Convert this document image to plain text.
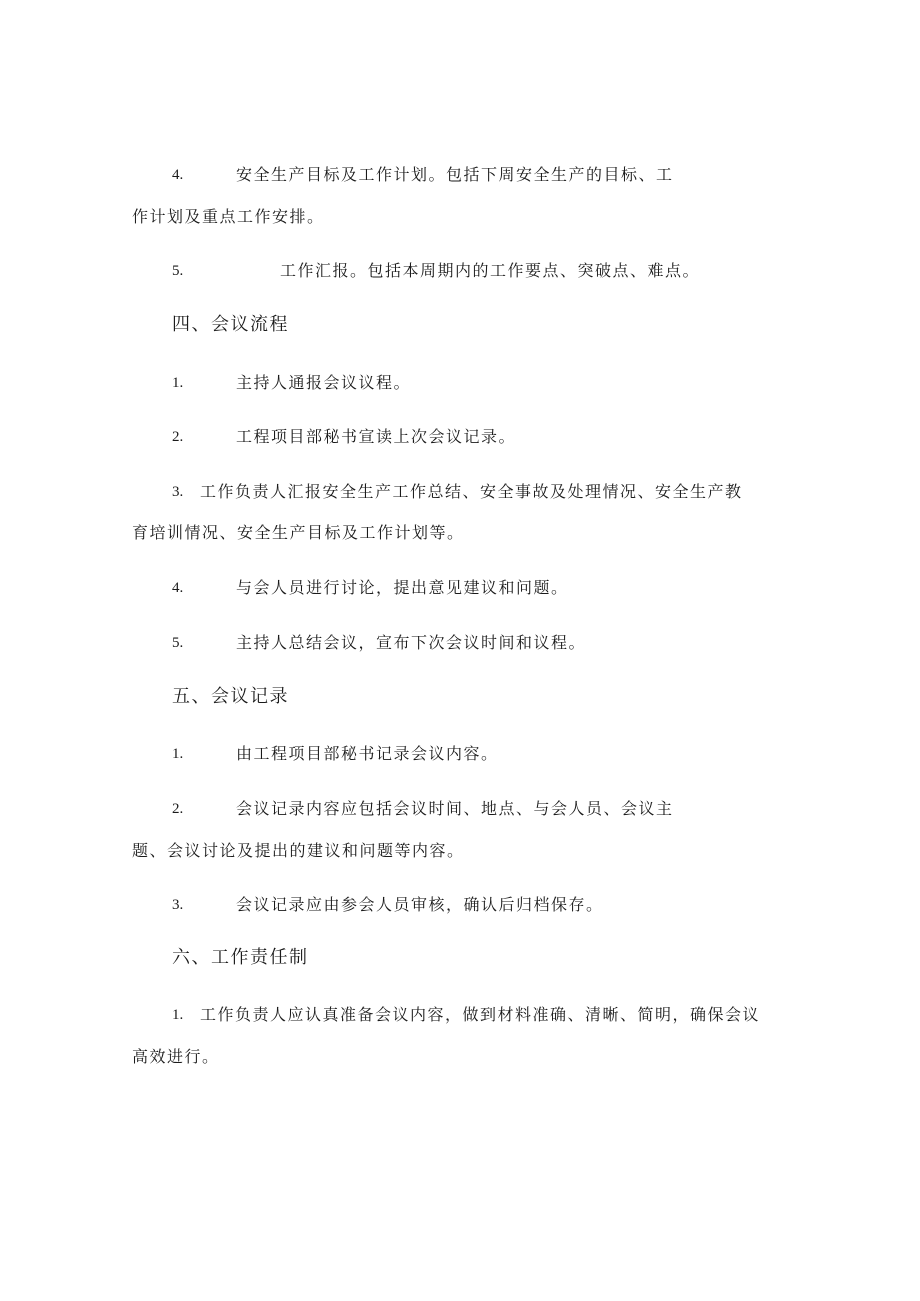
4.	安全生产目标及工作计划。包括下周安全生产的目标、工
作计划及重点工作安排。
5.	工作汇报。包括本周期内的工作要点、突破点、难点。
四、会议流程
1.	主持人通报会议议程。
2.	工程项目部秘书宣读上次会议记录。
3. 工作负责人汇报安全生产工作总结、安全事故及处理情况、安全生产教
育培训情况、安全生产目标及工作计划等。
4.	与会人员进行讨论，提出意见建议和问题。
5.	主持人总结会议，宣布下次会议时间和议程。
五、会议记录
1.	由工程项目部秘书记录会议内容。
2.	会议记录内容应包括会议时间、地点、与会人员、会议主
题、会议讨论及提出的建议和问题等内容。
3.	会议记录应由参会人员审核，确认后归档保存。
六、工作责任制
1. 工作负责人应认真准备会议内容，做到材料准确、清晰、简明，确保会议
高效进行。
